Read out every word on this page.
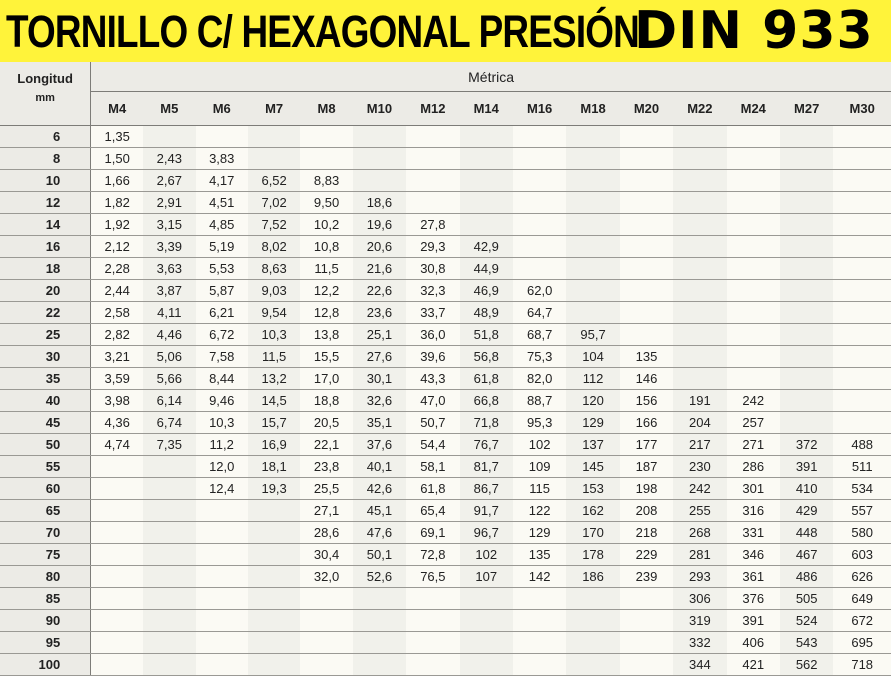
TORNILLO C/ HEXAGONAL PRESIÓN
DIN 933
Longitud
mm	Métrica														
	M4	M5	M6	M7	M8	M10	M12	M14	M16	M18	M20	M22	M24	M27	M30
6	1,35														
8	1,50	2,43	3,83												
10	1,66	2,67	4,17	6,52	8,83										
12	1,82	2,91	4,51	7,02	9,50	18,6									
14	1,92	3,15	4,85	7,52	10,2	19,6	27,8								
16	2,12	3,39	5,19	8,02	10,8	20,6	29,3	42,9							
18	2,28	3,63	5,53	8,63	11,5	21,6	30,8	44,9							
20	2,44	3,87	5,87	9,03	12,2	22,6	32,3	46,9	62,0						
22	2,58	4,11	6,21	9,54	12,8	23,6	33,7	48,9	64,7						
25	2,82	4,46	6,72	10,3	13,8	25,1	36,0	51,8	68,7	95,7					
30	3,21	5,06	7,58	11,5	15,5	27,6	39,6	56,8	75,3	104	135				
35	3,59	5,66	8,44	13,2	17,0	30,1	43,3	61,8	82,0	112	146				
40	3,98	6,14	9,46	14,5	18,8	32,6	47,0	66,8	88,7	120	156	191	242		
45	4,36	6,74	10,3	15,7	20,5	35,1	50,7	71,8	95,3	129	166	204	257		
50	4,74	7,35	11,2	16,9	22,1	37,6	54,4	76,7	102	137	177	217	271	372	488
55			12,0	18,1	23,8	40,1	58,1	81,7	109	145	187	230	286	391	511
60			12,4	19,3	25,5	42,6	61,8	86,7	115	153	198	242	301	410	534
65					27,1	45,1	65,4	91,7	122	162	208	255	316	429	557
70					28,6	47,6	69,1	96,7	129	170	218	268	331	448	580
75					30,4	50,1	72,8	102	135	178	229	281	346	467	603
80					32,0	52,6	76,5	107	142	186	239	293	361	486	626
85												306	376	505	649
90												319	391	524	672
95												332	406	543	695
100												344	421	562	718
